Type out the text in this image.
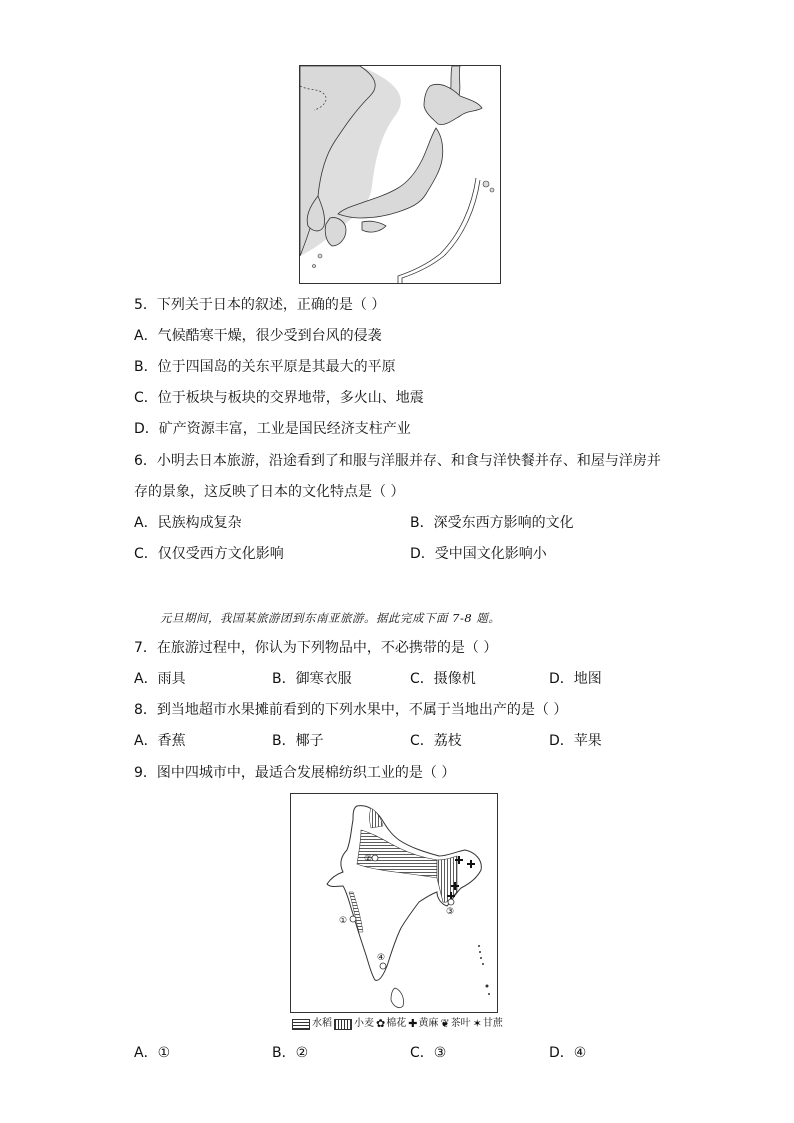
5．下列关于日本的叙述，正确的是（ ）
A．气候酷寒干燥，很少受到台风的侵袭
B．位于四国岛的关东平原是其最大的平原
C．位于板块与板块的交界地带，多火山、地震
D．矿产资源丰富，工业是国民经济支柱产业
6．小明去日本旅游，沿途看到了和服与洋服并存、和食与洋快餐并存、和屋与洋房并
存的景象，这反映了日本的文化特点是（ ）
A．民族构成复杂	B．深受东西方影响的文化
C．仅仅受西方文化影响	D．受中国文化影响小
元旦期间，我国某旅游团到东南亚旅游。据此完成下面 7-8 题。
7．在旅游过程中，你认为下列物品中，不必携带的是（ ）
A．雨具	B．御寒衣服	C．摄像机	D．地图
8．到当地超市水果摊前看到的下列水果中，不属于当地出产的是（ ）
A．香蕉	B．椰子	C．荔枝	D．苹果
9．图中四城市中，最适合发展棉纺织工业的是（ ）
①
②
③
④
水稻 小麦 ✿ 棉花 ✚ 黄麻 ❦ 茶叶 ✶ 甘蔗
A．①	B．②	C．③	D．④
